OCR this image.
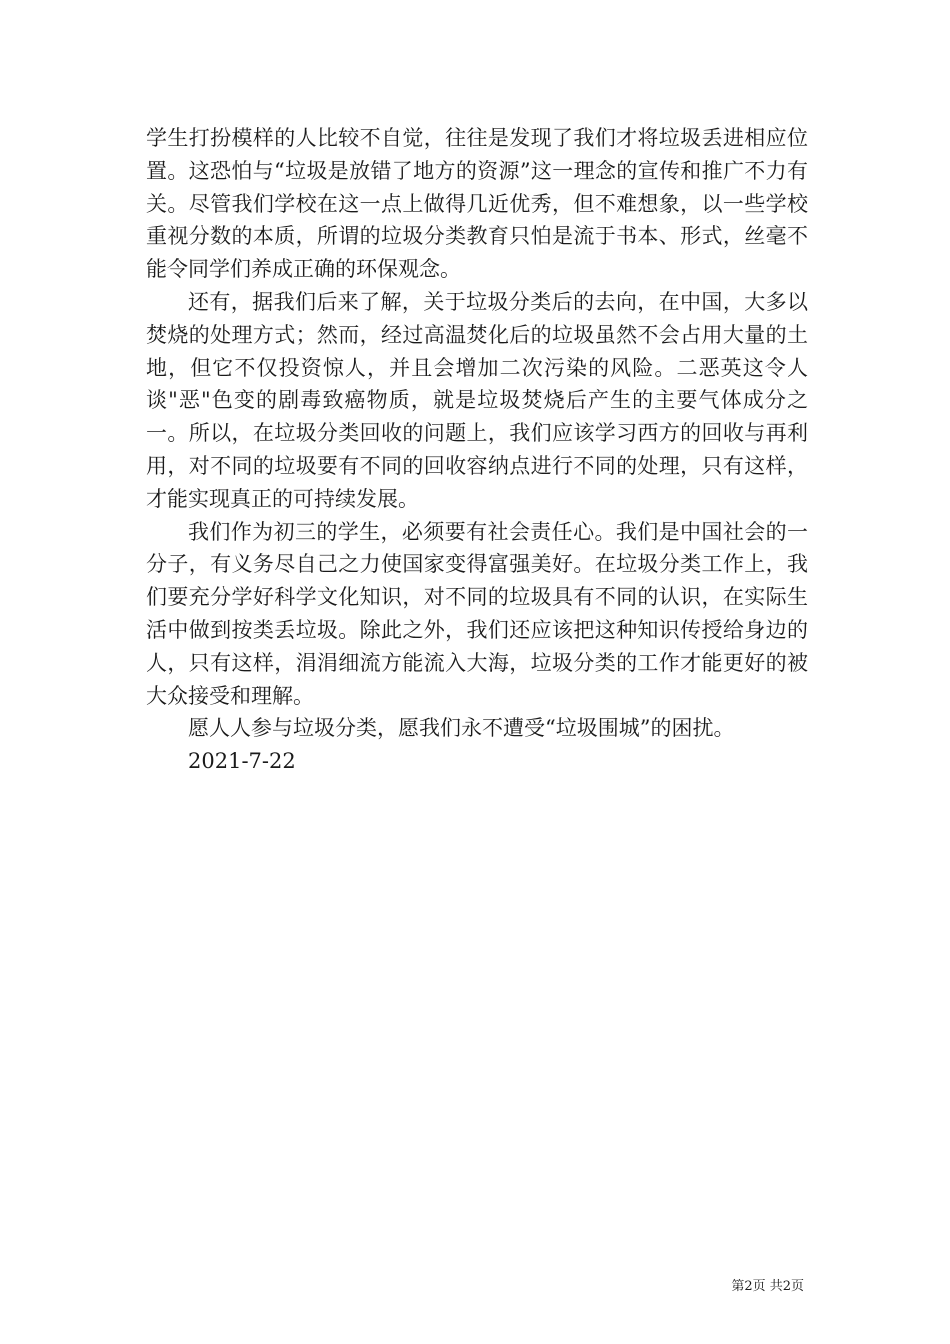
学生打扮模样的人比较不自觉，往往是发现了我们才将垃圾丢进相应位置。这恐怕与“垃圾是放错了地方的资源”这一理念的宣传和推广不力有关。尽管我们学校在这一点上做得几近优秀，但不难想象，以一些学校重视分数的本质，所谓的垃圾分类教育只怕是流于书本、形式，丝毫不能令同学们养成正确的环保观念。

还有，据我们后来了解，关于垃圾分类后的去向，在中国，大多以焚烧的处理方式；然而，经过高温焚化后的垃圾虽然不会占用大量的土地，但它不仅投资惊人，并且会增加二次污染的风险。二恶英这令人谈"恶"色变的剧毒致癌物质，就是垃圾焚烧后产生的主要气体成分之一。所以，在垃圾分类回收的问题上，我们应该学习西方的回收与再利用，对不同的垃圾要有不同的回收容纳点进行不同的处理，只有这样，才能实现真正的可持续发展。

我们作为初三的学生，必须要有社会责任心。我们是中国社会的一分子，有义务尽自己之力使国家变得富强美好。在垃圾分类工作上，我们要充分学好科学文化知识，对不同的垃圾具有不同的认识，在实际生活中做到按类丢垃圾。除此之外，我们还应该把这种知识传授给身边的人，只有这样，涓涓细流方能流入大海，垃圾分类的工作才能更好的被大众接受和理解。

愿人人参与垃圾分类，愿我们永不遭受“垃圾围城”的困扰。

2021-7-22

第2页 共2页
